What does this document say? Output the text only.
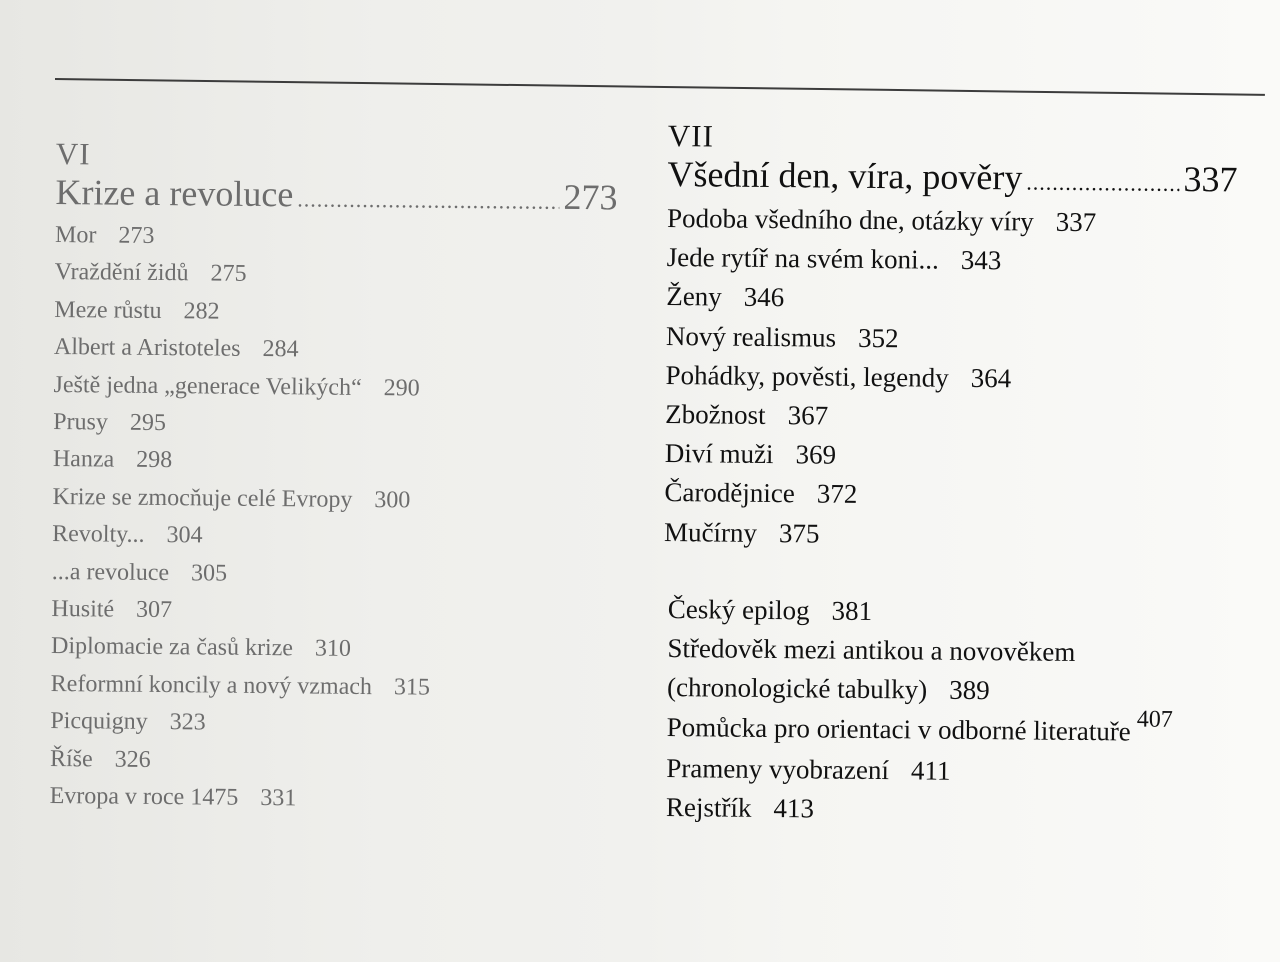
VI
Krize a revoluce .....	273
Mor 273
Vraždění židů 275
Meze růstu 282
Albert a Aristoteles 284
Ještě jedna „generace Velikých“ 290
Prusy 295
Hanza 298
Krize se zmocňuje celé Evropy 300
Revolty... 304
...a revoluce 305
Husité 307
Diplomacie za časů krize 310
Reformní koncily a nový vzmach 315
Picquigny 323
Říše 326
Evropa v roce 1475 331
VII
Všední den, víra, pověry .....	337
Podoba všedního dne, otázky víry 337
Jede rytíř na svém koni... 343
Ženy 346
Nový realismus 352
Pohádky, pověsti, legendy 364
Zbožnost 367
Diví muži 369
Čarodějnice 372
Mučírny 375
Český epilog 381
Středověk mezi antikou a novověkem
(chronologické tabulky) 389
Pomůcka pro orientaci v odborné literatuře 407
Prameny vyobrazení 411
Rejstřík 413
